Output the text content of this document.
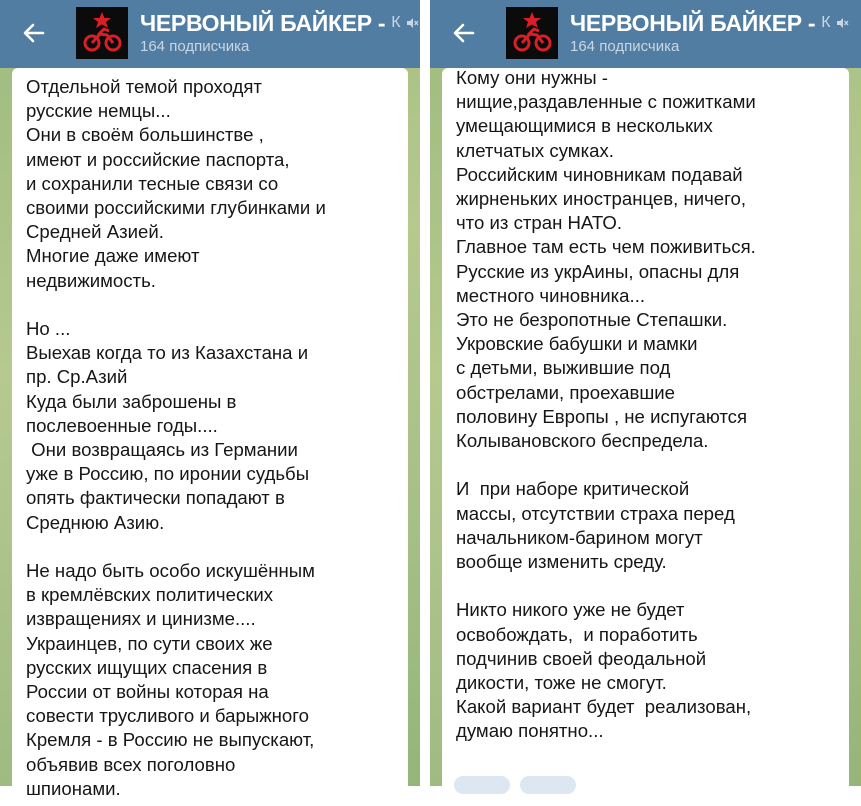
ЧЕРВОНЫЙ БАЙКЕР - К
164 подписчика

Отдельной темой проходят
русские немцы...
Они в своём большинстве ,
имеют и российские паспорта,
и сохранили тесные связи со
своими российскими глубинками и
Средней Азией.
Многие даже имеют
недвижимость.

Но ...
Выехав когда то из Казахстана и
пр. Ср.Азий
Куда были заброшены в
послевоенные годы....
Они возвращаясь из Германии
уже в Россию, по иронии судьбы
опять фактически попадают в
Среднюю Азию.

Не надо быть особо искушённым
в кремлёвских политических
извращениях и цинизме....
Украинцев, по сути своих же
русских ищущих спасения в
России от войны которая на
совести трусливого и барыжного
Кремля - в Россию не выпускают,
объявив всех поголовно
шпионами.

ЧЕРВОНЫЙ БАЙКЕР - К
164 подписчика

Кому они нужны -
нищие,раздавленные с пожитками
умещающимися в нескольких
клетчатых сумках.
Российским чиновникам подавай
жирненьких иностранцев, ничего,
что из стран НАТО.
Главное там есть чем поживиться.
Русские из укрАины, опасны для
местного чиновника...
Это не безропотные Степашки.
Укровские бабушки и мамки
с детьми, выжившие под
обстрелами, проехавшие
половину Европы , не испугаются
Колывановского беспредела.

И  при наборе критической
массы, отсутствии страха перед
начальником-барином могут
вообще изменить среду.

Никто никого уже не будет
освобождать,  и поработить
подчинив своей феодальной
дикости, тоже не смогут.
Какой вариант будет  реализован,
думаю понятно...
